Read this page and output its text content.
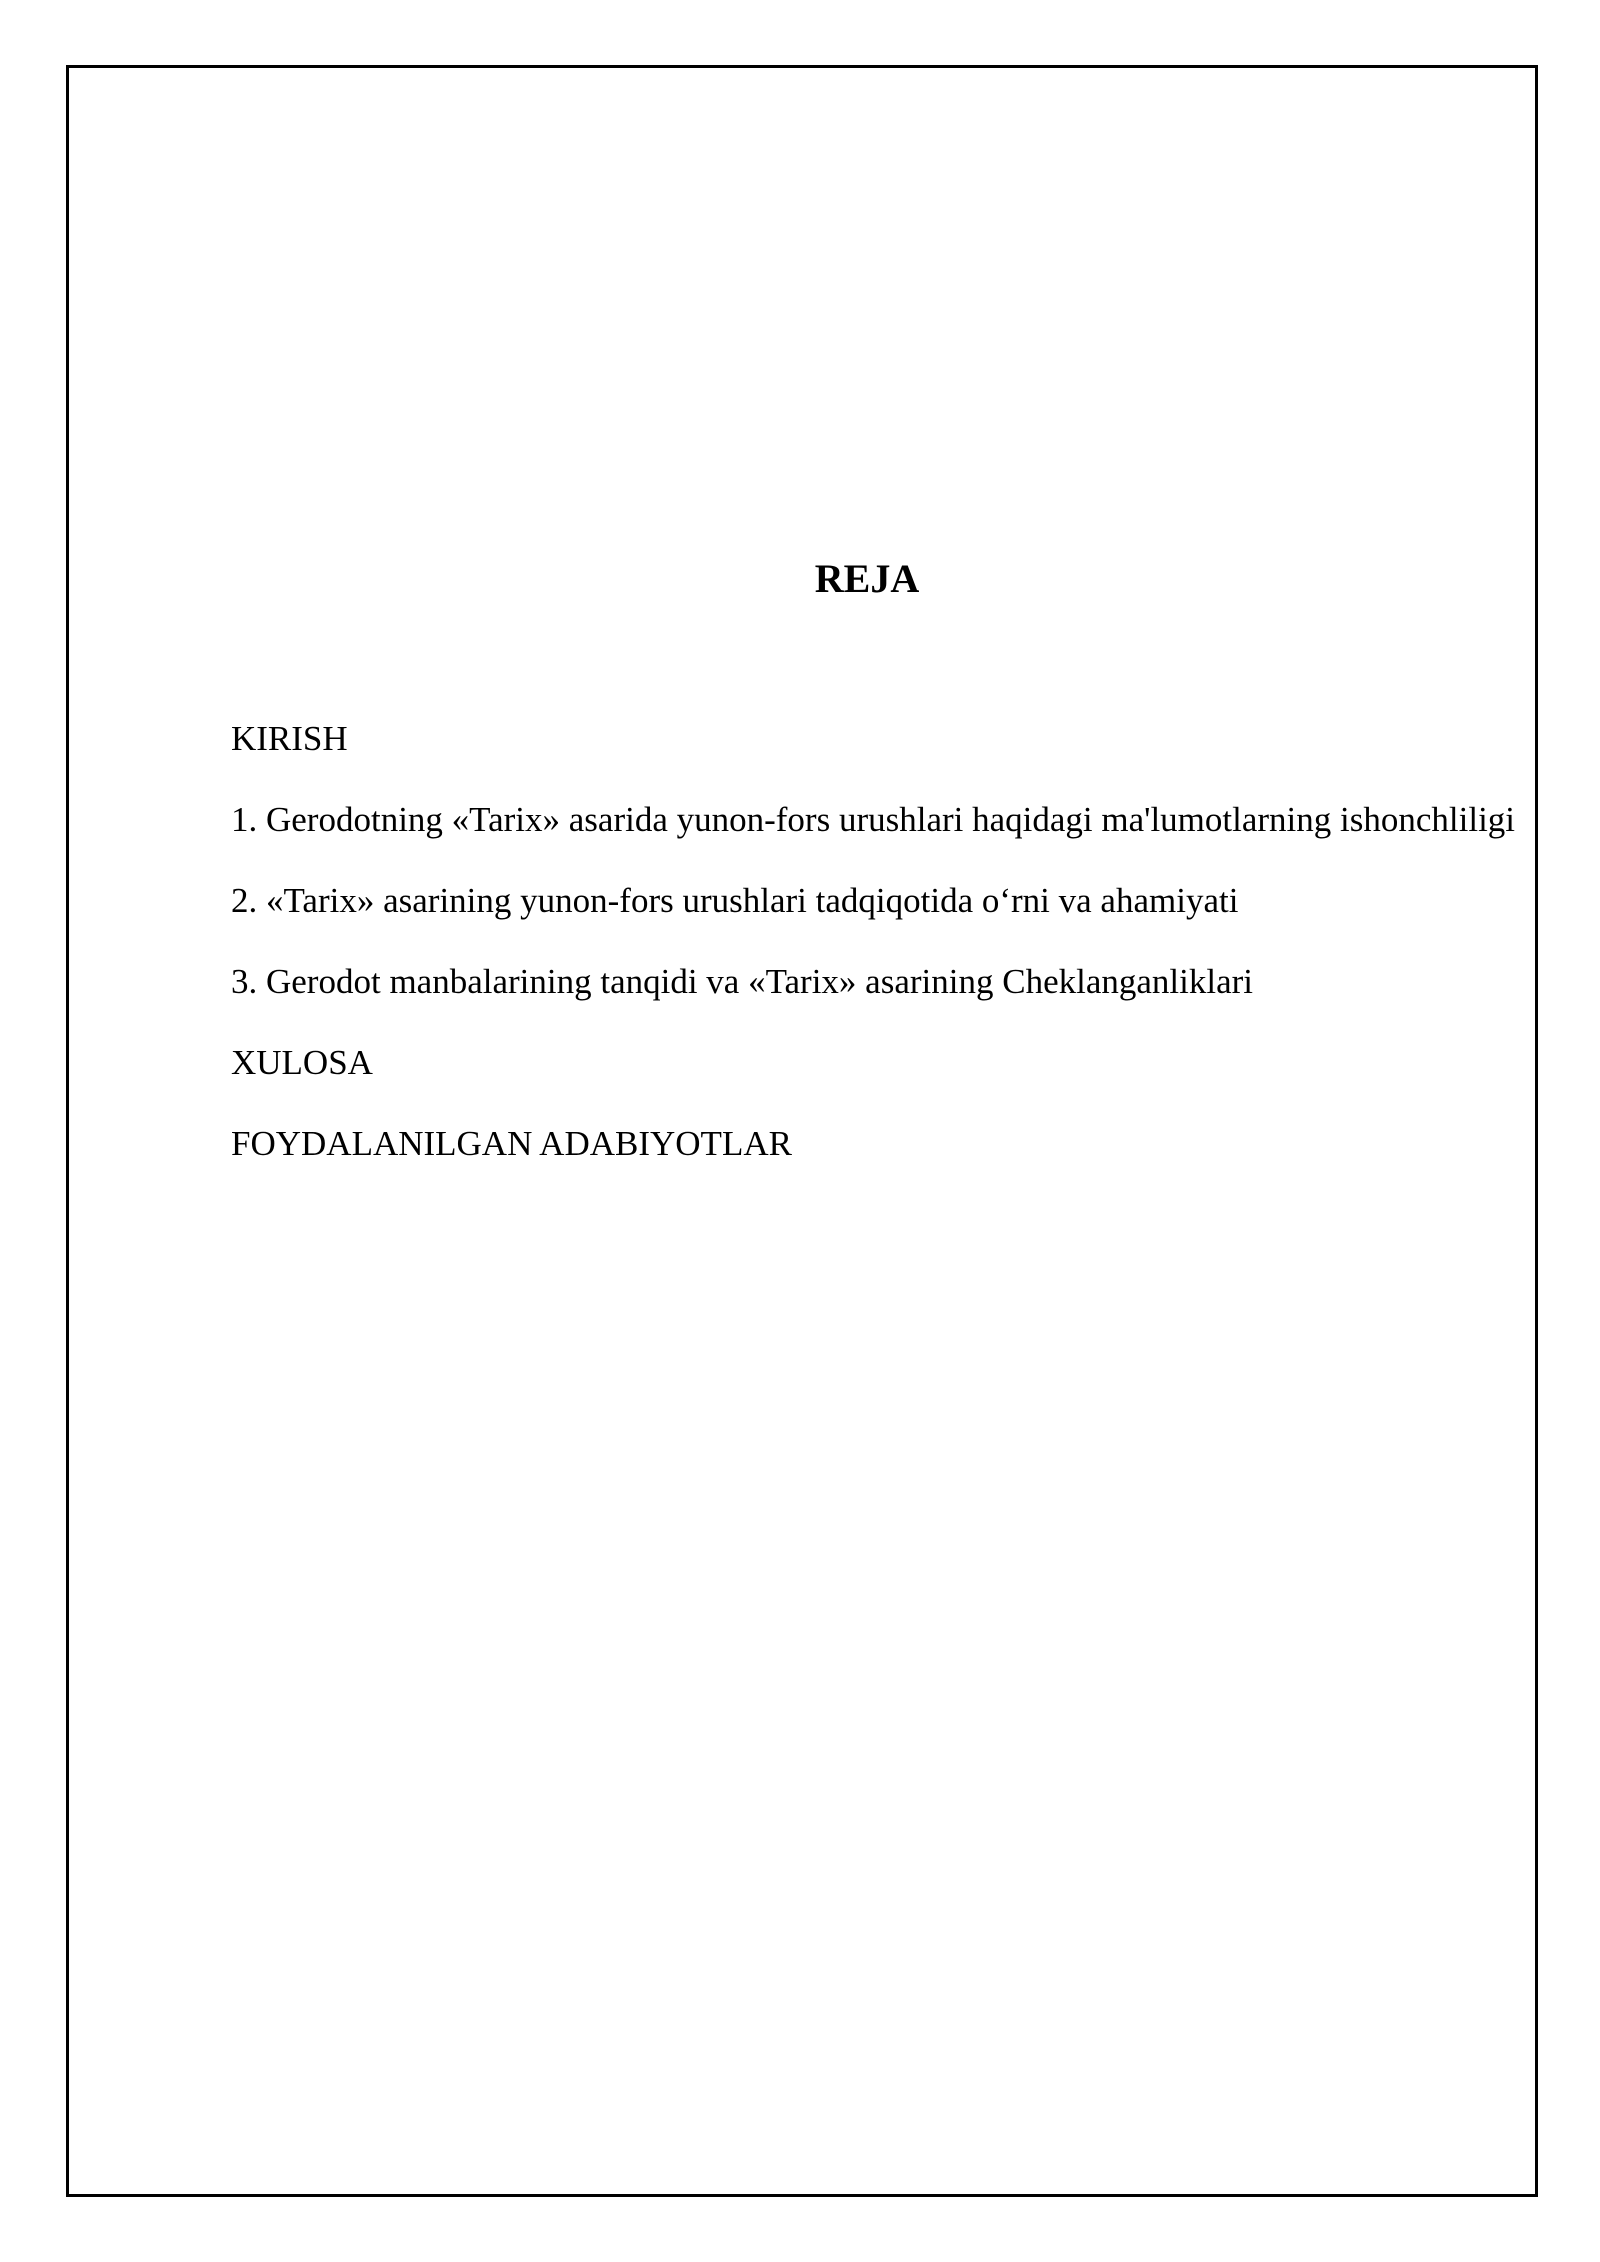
REJA
KIRISH
1. Gerodotning «Tarix» asarida yunon-fors urushlari haqidagi ma'lumotlarning ishonchliligi
2. «Tarix» asarining yunon-fors urushlari tadqiqotida o‘rni va ahamiyati
3. Gerodot manbalarining tanqidi va «Tarix» asarining Cheklanganliklari
XULOSA
FOYDALANILGAN ADABIYOTLAR
